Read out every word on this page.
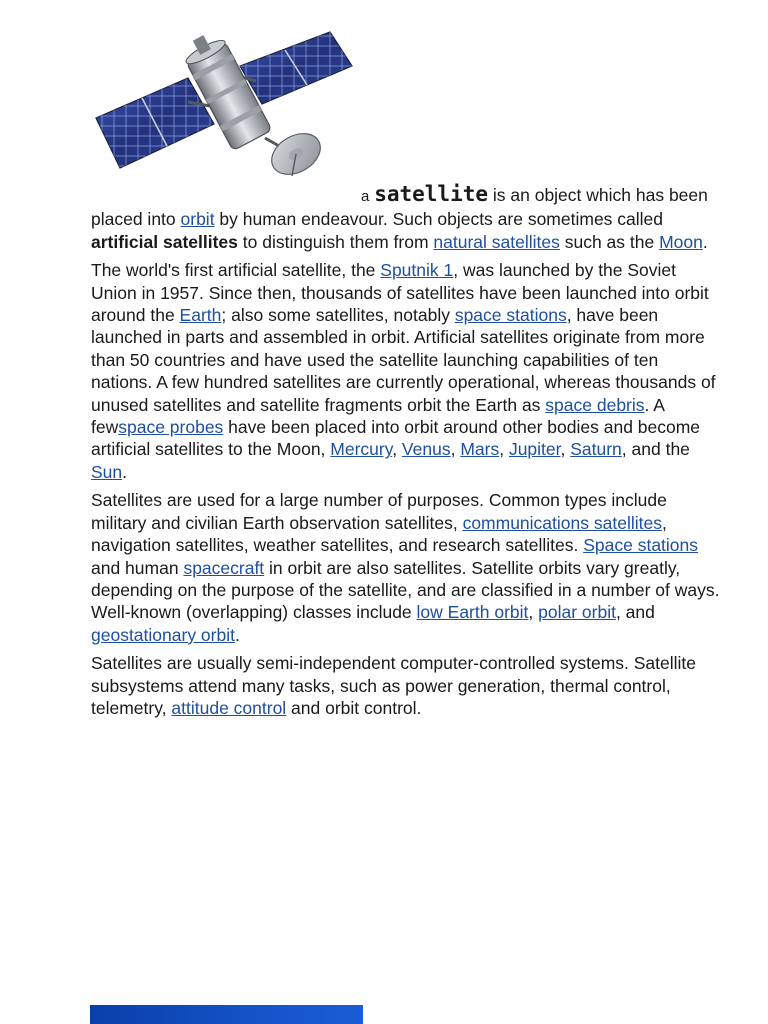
a satellite is an object which has been placed into orbit by human endeavour. Such objects are sometimes called artificial satellites to distinguish them from natural satellites such as the Moon.

The world's first artificial satellite, the Sputnik 1, was launched by the Soviet Union in 1957. Since then, thousands of satellites have been launched into orbit around the Earth; also some satellites, notably space stations, have been launched in parts and assembled in orbit. Artificial satellites originate from more than 50 countries and have used the satellite launching capabilities of ten nations. A few hundred satellites are currently operational, whereas thousands of unused satellites and satellite fragments orbit the Earth as space debris. A fewspace probes have been placed into orbit around other bodies and become artificial satellites to the Moon, Mercury, Venus, Mars, Jupiter, Saturn, and the Sun.

Satellites are used for a large number of purposes. Common types include military and civilian Earth observation satellites, communications satellites, navigation satellites, weather satellites, and research satellites. Space stations and human spacecraft in orbit are also satellites. Satellite orbits vary greatly, depending on the purpose of the satellite, and are classified in a number of ways. Well-known (overlapping) classes include low Earth orbit, polar orbit, and geostationary orbit.

Satellites are usually semi-independent computer-controlled systems. Satellite subsystems attend many tasks, such as power generation, thermal control, telemetry, attitude control and orbit control.
